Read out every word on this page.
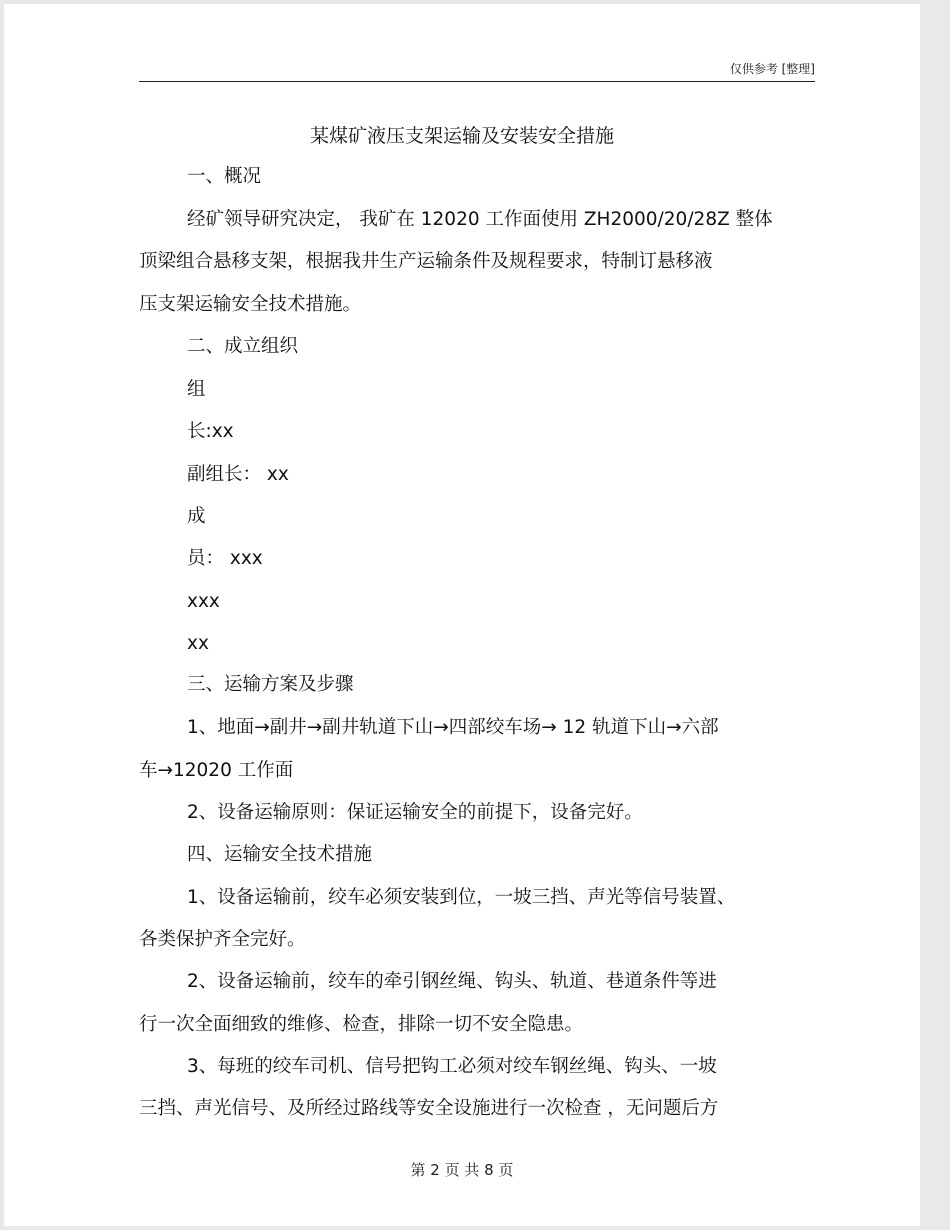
仅供参考 [整理]
某煤矿液压支架运输及安装安全措施
一、概况
经矿领导研究决定， 我矿在 12020 工作面使用 ZH2000/20/28Z 整体
顶梁组合悬移支架，根据我井生产运输条件及规程要求，特制订悬移液
压支架运输安全技术措施。
二、成立组织
组
长:xx
副组长： xx
成
员： xxx
xxx
xx
三、运输方案及步骤
1、地面→副井→副井轨道下山→四部绞车场→ 12 轨道下山→六部
车→12020 工作面
2、设备运输原则：保证运输安全的前提下，设备完好。
四、运输安全技术措施
1、设备运输前，绞车必须安装到位，一坡三挡、声光等信号装置、
各类保护齐全完好。
2、设备运输前，绞车的牵引钢丝绳、钩头、轨道、巷道条件等进
行一次全面细致的维修、检查，排除一切不安全隐患。
3、每班的绞车司机、信号把钩工必须对绞车钢丝绳、钩头、一坡
三挡、声光信号、及所经过路线等安全设施进行一次检查 ，无问题后方
第 2 页 共 8 页
